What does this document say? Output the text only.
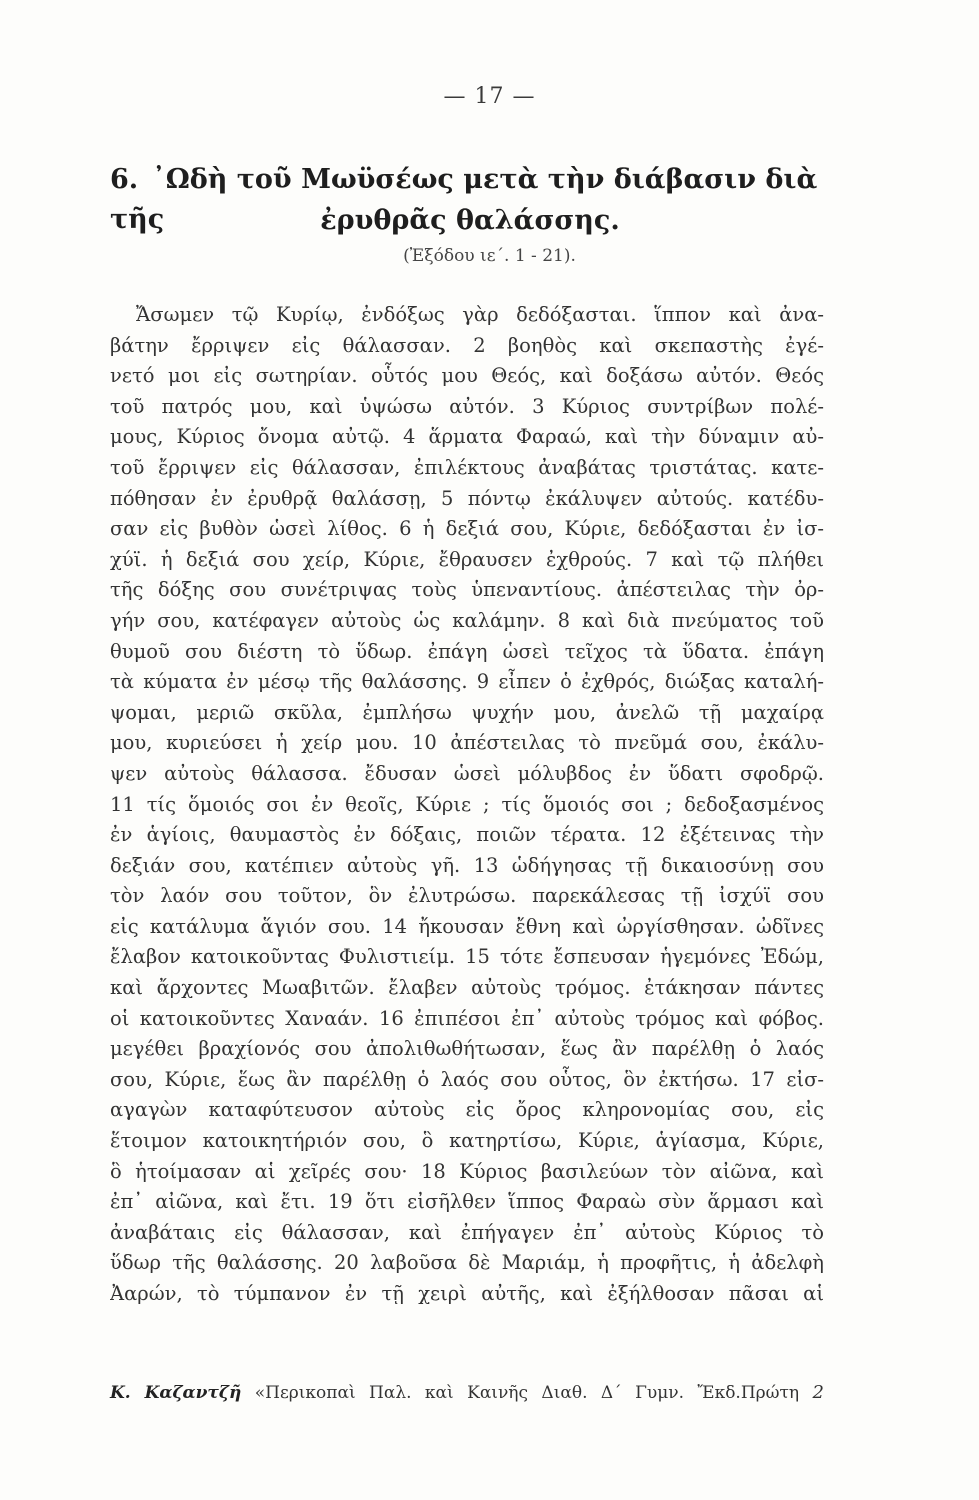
— 17 —
6. ᾿Ωδὴ τοῦ Μωϋσέως μετὰ τὴν διάβασιν διὰ τῆς	ἐρυθρᾶς θαλάσσης.
(Ἐξόδου ιε΄. 1 - 21).
Ἄσωμεν τῷ Κυρίῳ, ἐνδόξως γὰρ δεδόξασται. ἵππον καὶ ἀνα-
βάτην ἔρριψεν εἰς θάλασσαν. 2 βοηθὸς καὶ σκεπαστὴς ἐγέ-
νετό μοι εἰς σωτηρίαν. οὗτός μου Θεός, καὶ δοξάσω αὐτόν. Θεός
τοῦ πατρός μου, καὶ ὑψώσω αὐτόν. 3 Κύριος συντρίβων πολέ-
μους, Κύριος ὄνομα αὐτῷ. 4 ἅρματα Φαραώ, καὶ τὴν δύναμιν αὐ-
τοῦ ἔρριψεν εἰς θάλασσαν, ἐπιλέκτους ἀναβάτας τριστάτας. κατε-
πόθησαν ἐν ἐρυθρᾷ θαλάσσῃ, 5 πόντῳ ἐκάλυψεν αὐτούς. κατέδυ-
σαν εἰς βυθὸν ὡσεὶ λίθος. 6 ἡ δεξιά σου, Κύριε, δεδόξασται ἐν ἰσ-
χύϊ. ἡ δεξιά σου χείρ, Κύριε, ἔθραυσεν ἐχθρούς. 7 καὶ τῷ πλήθει
τῆς δόξης σου συνέτριψας τοὺς ὑπεναντίους. ἀπέστειλας τὴν ὀρ-
γήν σου, κατέφαγεν αὐτοὺς ὡς καλάμην. 8 καὶ διὰ πνεύματος τοῦ
θυμοῦ σου διέστη τὸ ὕδωρ. ἐπάγη ὡσεὶ τεῖχος τὰ ὕδατα. ἐπάγη
τὰ κύματα ἐν μέσῳ τῆς θαλάσσης. 9 εἶπεν ὁ ἐχθρός, διώξας καταλή-
ψομαι, μεριῶ σκῦλα, ἐμπλήσω ψυχήν μου, ἀνελῶ τῇ μαχαίρᾳ
μου, κυριεύσει ἡ χείρ μου. 10 ἀπέστειλας τὸ πνεῦμά σου, ἐκάλυ-
ψεν αὐτοὺς θάλασσα. ἔδυσαν ὡσεὶ μόλυβδος ἐν ὕδατι σφοδρῷ.
11 τίς ὅμοιός σοι ἐν θεοῖς, Κύριε ; τίς ὅμοιός σοι ; δεδοξασμένος
ἐν ἁγίοις, θαυμαστὸς ἐν δόξαις, ποιῶν τέρατα. 12 ἐξέτεινας τὴν
δεξιάν σου, κατέπιεν αὐτοὺς γῆ. 13 ὡδήγησας τῇ δικαιοσύνῃ σου
τὸν λαόν σου τοῦτον, ὃν ἐλυτρώσω. παρεκάλεσας τῇ ἰσχύϊ σου
εἰς κατάλυμα ἅγιόν σου. 14 ἤκουσαν ἔθνη καὶ ὠργίσθησαν. ὠδῖνες
ἔλαβον κατοικοῦντας Φυλιστιείμ. 15 τότε ἔσπευσαν ἡγεμόνες Ἐδώμ,
καὶ ἄρχοντες Μωαβιτῶν. ἔλαβεν αὐτοὺς τρόμος. ἐτάκησαν πάντες
οἱ κατοικοῦντες Χαναάν. 16 ἐπιπέσοι ἐπ᾿ αὐτοὺς τρόμος καὶ φόβος.
μεγέθει βραχίονός σου ἀπολιθωθήτωσαν, ἕως ἂν παρέλθῃ ὁ λαός
σου, Κύριε, ἕως ἂν παρέλθῃ ὁ λαός σου οὗτος, ὃν ἐκτήσω. 17 εἰσ-
αγαγὼν καταφύτευσον αὐτοὺς εἰς ὄρος κληρονομίας σου, εἰς
ἕτοιμον κατοικητήριόν σου, ὃ κατηρτίσω, Κύριε, ἁγίασμα, Κύριε,
ὃ ἡτοίμασαν αἱ χεῖρές σου· 18 Κύριος βασιλεύων τὸν αἰῶνα, καὶ
ἐπ᾿ αἰῶνα, καὶ ἔτι. 19 ὅτι εἰσῆλθεν ἵππος Φαραὼ σὺν ἅρμασι καὶ
ἀναβάταις εἰς θάλασσαν, καὶ ἐπήγαγεν ἐπ᾿ αὐτοὺς Κύριος τὸ
ὕδωρ τῆς θαλάσσης. 20 λαβοῦσα δὲ Μαριάμ, ἡ προφῆτις, ἡ ἀδελφὴ
Ἀαρών, τὸ τύμπανον ἐν τῇ χειρὶ αὐτῆς, καὶ ἐξήλθοσαν πᾶσαι αἱ
Κ. Καζαντζῆ «Περικοπαὶ Παλ. καὶ Καινῆς Διαθ. Δ΄ Γυμν. Ἔκδ.Πρώτη 2
